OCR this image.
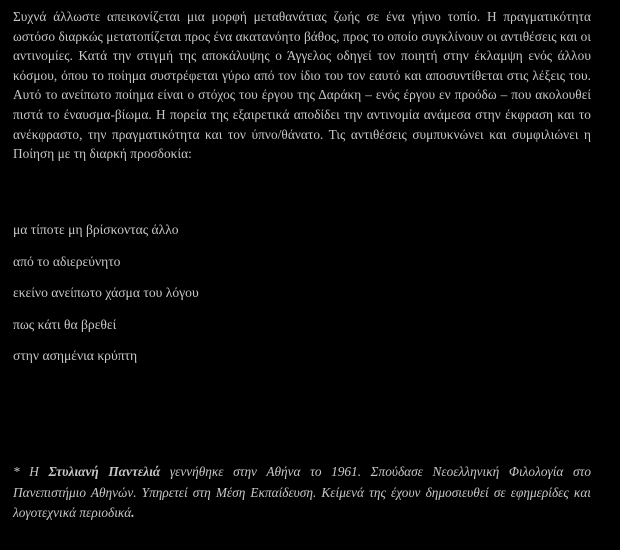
Συχνά άλλωστε απεικονίζεται μια μορφή μεταθανάτιας ζωής σε ένα γήινο τοπίο. Η πραγματικότητα ωστόσο διαρκώς μετατοπίζεται προς ένα ακατανόητο βάθος, προς το οποίο συγκλίνουν οι αντιθέσεις και οι αντινομίες. Κατά την στιγμή της αποκάλυψης ο Άγγελος οδηγεί τον ποιητή στην έκλαμψη ενός άλλου κόσμου, όπου το ποίημα συστρέφεται γύρω από τον ίδιο του τον εαυτό και αποσυντίθεται στις λέξεις του. Αυτό το ανείπωτο ποίημα είναι ο στόχος του έργου της Δαράκη – ενός έργου εν προόδω – που ακολουθεί πιστά το έναυσμα-βίωμα. Η πορεία της εξαιρετικά αποδίδει την αντινομία ανάμεσα στην έκφραση και το ανέκφραστο, την πραγματικότητα και τον ύπνο/θάνατο. Τις αντιθέσεις συμπυκνώνει και συμφιλιώνει η Ποίηση με τη διαρκή προσδοκία:

μα τίποτε μη βρίσκοντας άλλο
από το αδιερεύνητο
εκείνο ανείπωτο χάσμα του λόγου
πως κάτι θα βρεθεί
στην ασημένια κρύπτη

* Η Στυλιανή Παντελιά γεννήθηκε στην Αθήνα το 1961. Σπούδασε Νεοελληνική Φιλολογία στο Πανεπιστήμιο Αθηνών. Υπηρετεί στη Μέση Εκπαίδευση. Κείμενά της έχουν δημοσιευθεί σε εφημερίδες και λογοτεχνικά περιοδικά.
